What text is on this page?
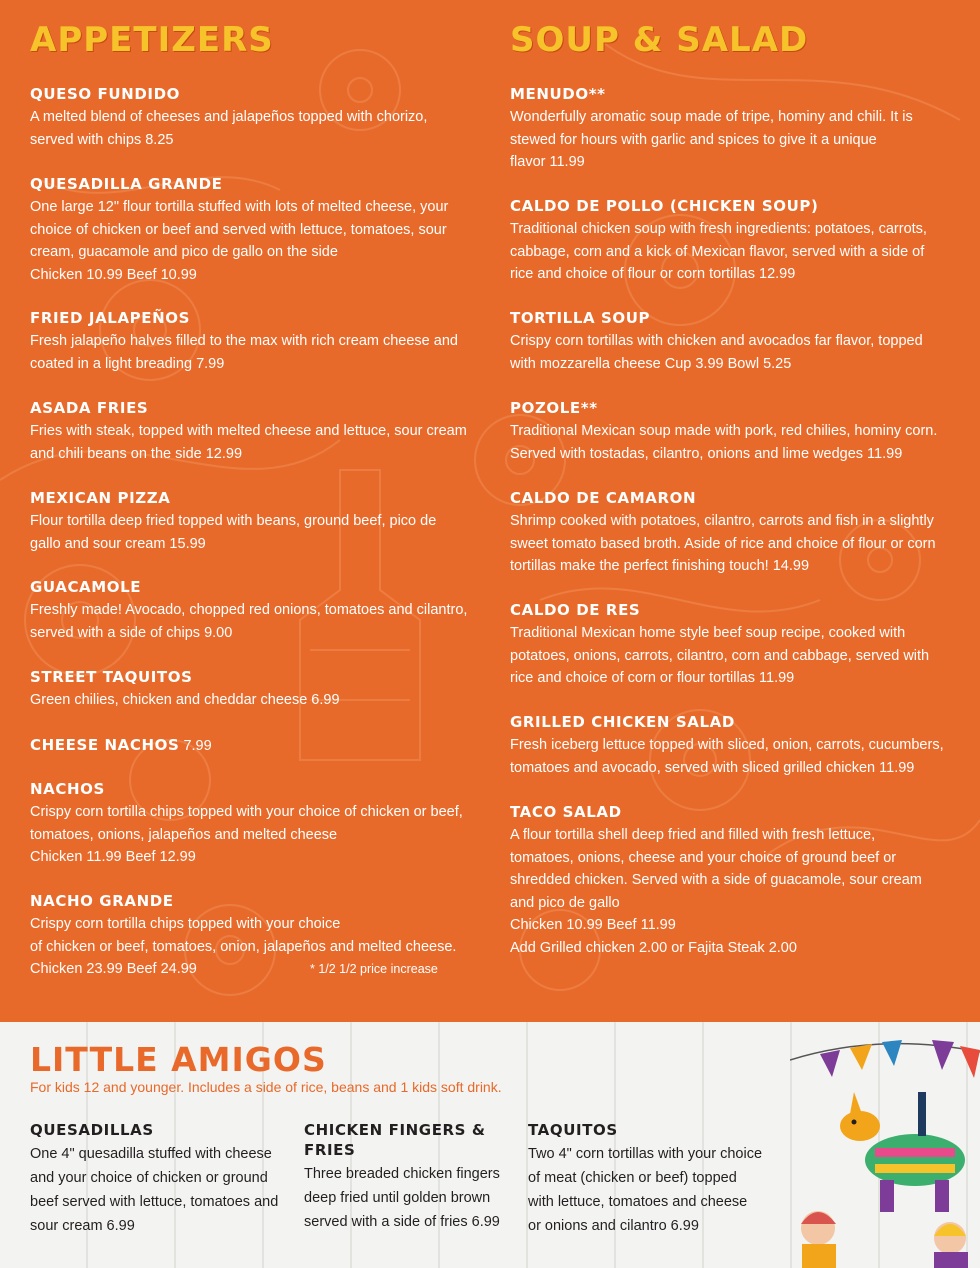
APPETIZERS
QUESO FUNDIDO
A melted blend of cheeses and jalapeños topped with chorizo,
served with chips 8.25
QUESADILLA GRANDE
One large 12" flour tortilla stuffed with lots of melted cheese, your
choice of chicken or beef and served with lettuce, tomatoes, sour
cream, guacamole and pico de gallo on the side
Chicken 10.99 Beef 10.99
FRIED JALAPEÑOS
Fresh jalapeño halves filled to the max with rich cream cheese and
coated in a light breading 7.99
ASADA FRIES
Fries with steak, topped with melted cheese and lettuce, sour cream
and chili beans on the side 12.99
MEXICAN PIZZA
Flour tortilla deep fried topped with beans, ground beef, pico de
gallo and sour cream 15.99
GUACAMOLE
Freshly made! Avocado, chopped red onions, tomatoes and cilantro,
served with a side of chips 9.00
STREET TAQUITOS
Green chilies, chicken and cheddar cheese 6.99
CHEESE NACHOS 7.99
NACHOS
Crispy corn tortilla chips topped with your choice of chicken or beef,
tomatoes, onions, jalapeños and melted cheese
Chicken 11.99 Beef 12.99
NACHO GRANDE
Crispy corn tortilla chips topped with your choice
of chicken or beef, tomatoes, onion, jalapeños and melted cheese.
Chicken 23.99 Beef 24.99	* 1/2 1/2 price increase
SOUP & SALAD
MENUDO**
Wonderfully aromatic soup made of tripe, hominy and chili. It is
stewed for hours with garlic and spices to give it a unique
flavor 11.99
CALDO DE POLLO (CHICKEN SOUP)
Traditional chicken soup with fresh ingredients: potatoes, carrots,
cabbage, corn and a kick of Mexican flavor, served with a side of
rice and choice of flour or corn tortillas 12.99
TORTILLA SOUP
Crispy corn tortillas with chicken and avocados far flavor, topped
with mozzarella cheese Cup 3.99 Bowl 5.25
POZOLE**
Traditional Mexican soup made with pork, red chilies, hominy corn.
Served with tostadas, cilantro, onions and lime wedges 11.99
CALDO DE CAMARON
Shrimp cooked with potatoes, cilantro, carrots and fish in a slightly
sweet tomato based broth. Aside of rice and choice of flour or corn
tortillas make the perfect finishing touch! 14.99
CALDO DE RES
Traditional Mexican home style beef soup recipe, cooked with
potatoes, onions, carrots, cilantro, corn and cabbage, served with
rice and choice of corn or flour tortillas 11.99
GRILLED CHICKEN SALAD
Fresh iceberg lettuce topped with sliced, onion, carrots, cucumbers,
tomatoes and avocado, served with sliced grilled chicken 11.99
TACO SALAD
A flour tortilla shell deep fried and filled with fresh lettuce,
tomatoes, onions, cheese and your choice of ground beef or
shredded chicken. Served with a side of guacamole, sour cream
and pico de gallo
Chicken 10.99 Beef 11.99
Add Grilled chicken 2.00 or Fajita Steak 2.00
LITTLE AMIGOS
For kids 12 and younger. Includes a side of rice, beans and 1 kids soft drink.
QUESADILLAS
One 4" quesadilla stuffed with cheese
and your choice of chicken or ground
beef served with lettuce, tomatoes and
sour cream 6.99
CHICKEN FINGERS &
FRIES
Three breaded chicken fingers
deep fried until golden brown
served with a side of fries 6.99
TAQUITOS
Two 4" corn tortillas with your choice
of meat (chicken or beef) topped
with lettuce, tomatoes and cheese
or onions and cilantro 6.99
